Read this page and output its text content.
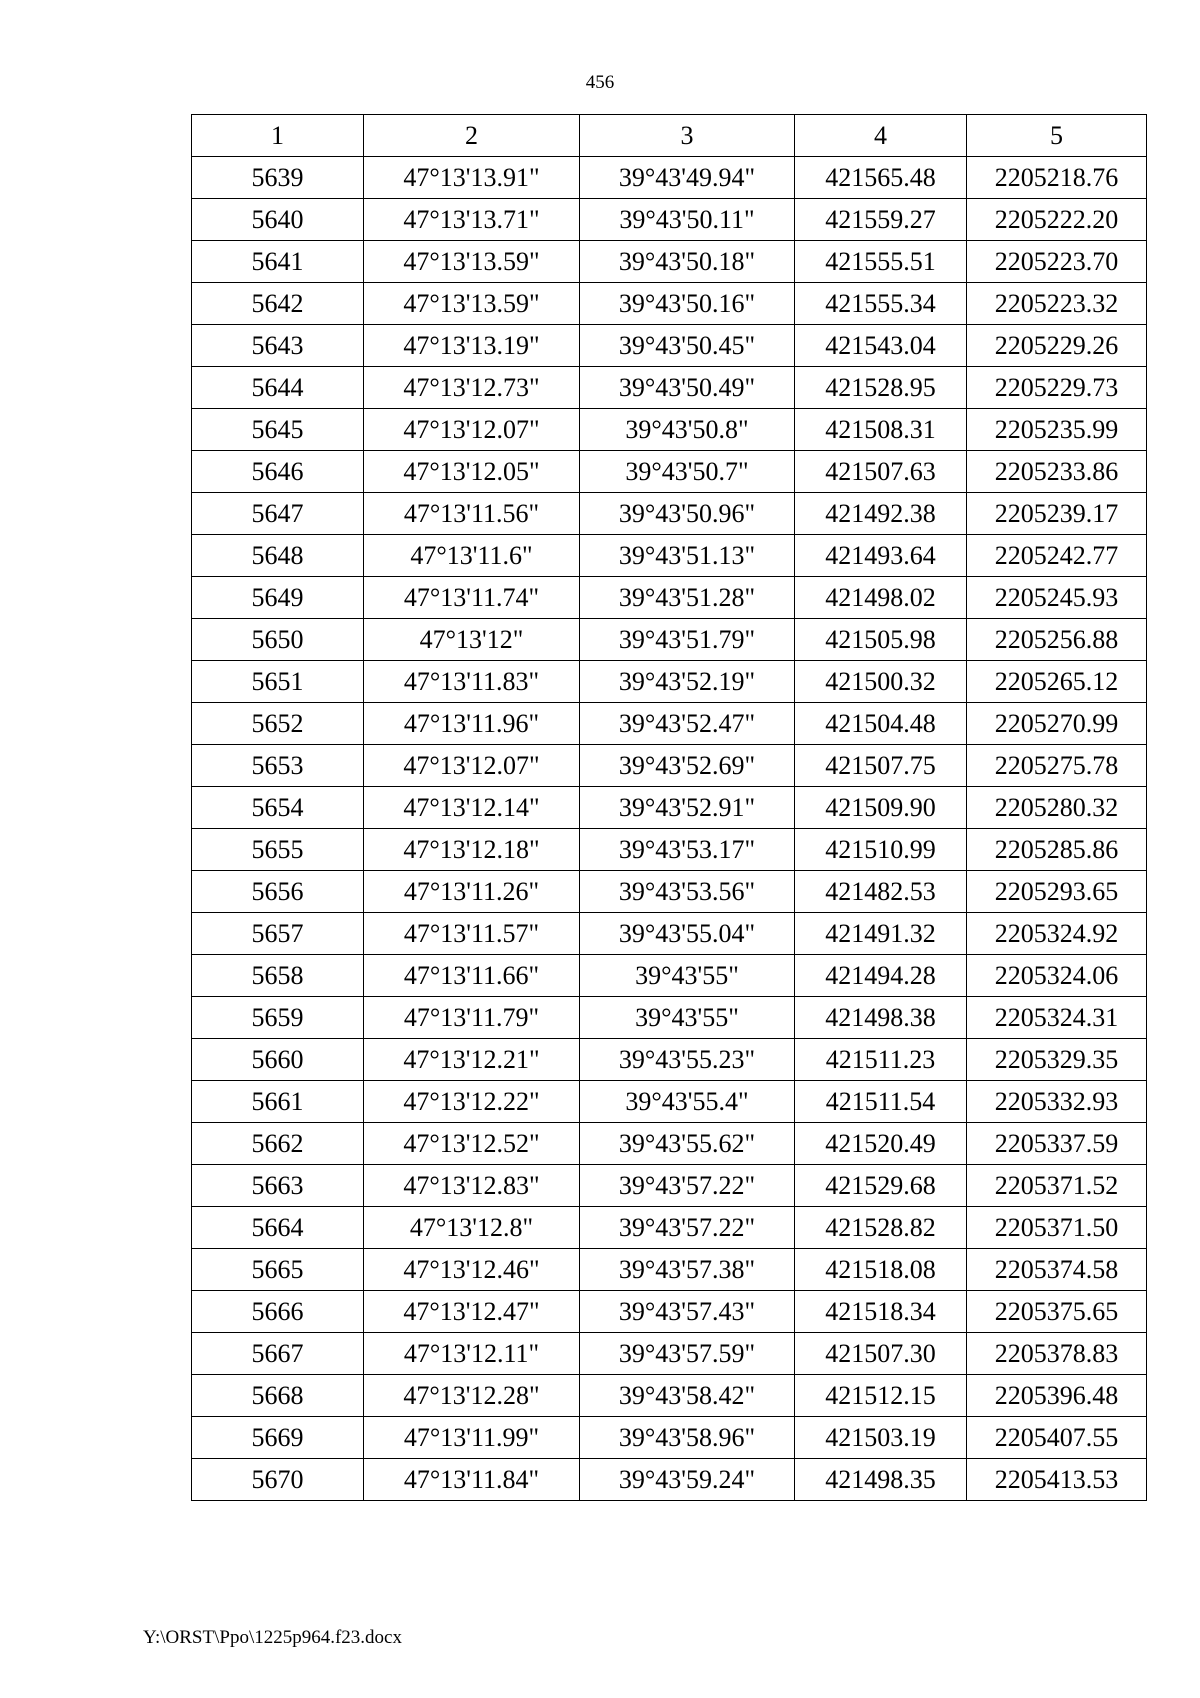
456
1	2	3	4	5
5639	47°13'13.91"	39°43'49.94"	421565.48	2205218.76
5640	47°13'13.71"	39°43'50.11"	421559.27	2205222.20
5641	47°13'13.59"	39°43'50.18"	421555.51	2205223.70
5642	47°13'13.59"	39°43'50.16"	421555.34	2205223.32
5643	47°13'13.19"	39°43'50.45"	421543.04	2205229.26
5644	47°13'12.73"	39°43'50.49"	421528.95	2205229.73
5645	47°13'12.07"	39°43'50.8"	421508.31	2205235.99
5646	47°13'12.05"	39°43'50.7"	421507.63	2205233.86
5647	47°13'11.56"	39°43'50.96"	421492.38	2205239.17
5648	47°13'11.6"	39°43'51.13"	421493.64	2205242.77
5649	47°13'11.74"	39°43'51.28"	421498.02	2205245.93
5650	47°13'12"	39°43'51.79"	421505.98	2205256.88
5651	47°13'11.83"	39°43'52.19"	421500.32	2205265.12
5652	47°13'11.96"	39°43'52.47"	421504.48	2205270.99
5653	47°13'12.07"	39°43'52.69"	421507.75	2205275.78
5654	47°13'12.14"	39°43'52.91"	421509.90	2205280.32
5655	47°13'12.18"	39°43'53.17"	421510.99	2205285.86
5656	47°13'11.26"	39°43'53.56"	421482.53	2205293.65
5657	47°13'11.57"	39°43'55.04"	421491.32	2205324.92
5658	47°13'11.66"	39°43'55"	421494.28	2205324.06
5659	47°13'11.79"	39°43'55"	421498.38	2205324.31
5660	47°13'12.21"	39°43'55.23"	421511.23	2205329.35
5661	47°13'12.22"	39°43'55.4"	421511.54	2205332.93
5662	47°13'12.52"	39°43'55.62"	421520.49	2205337.59
5663	47°13'12.83"	39°43'57.22"	421529.68	2205371.52
5664	47°13'12.8"	39°43'57.22"	421528.82	2205371.50
5665	47°13'12.46"	39°43'57.38"	421518.08	2205374.58
5666	47°13'12.47"	39°43'57.43"	421518.34	2205375.65
5667	47°13'12.11"	39°43'57.59"	421507.30	2205378.83
5668	47°13'12.28"	39°43'58.42"	421512.15	2205396.48
5669	47°13'11.99"	39°43'58.96"	421503.19	2205407.55
5670	47°13'11.84"	39°43'59.24"	421498.35	2205413.53
Y:\ORST\Ppo\1225p964.f23.docx
